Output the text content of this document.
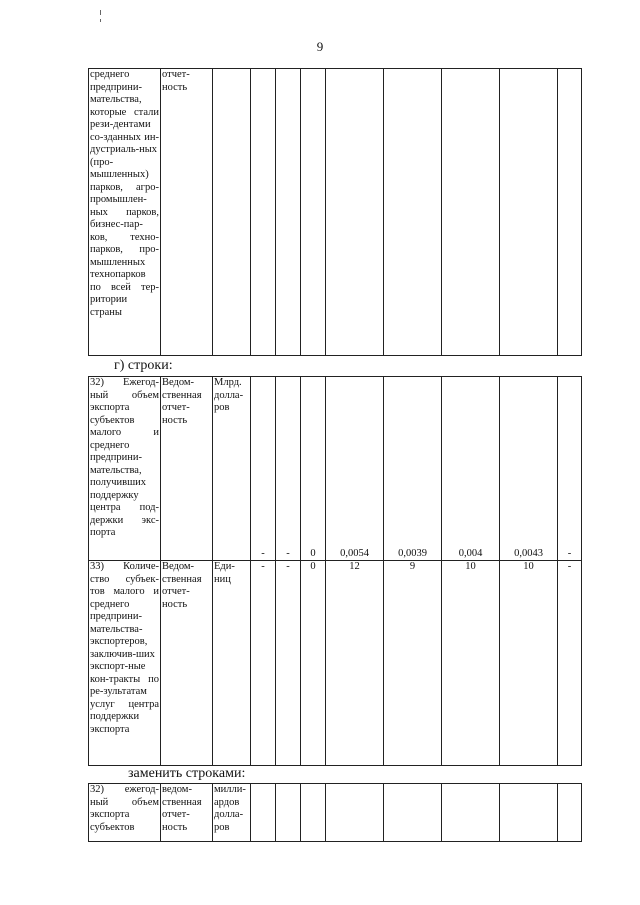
9
среднего предприни-мательства, которые стали рези-дентами со-зданных ин-дустриаль-ных (про-мышленных) парков, агро-промышлен-ных парков, бизнес-пар-ков, техно-парков, про-мышленных технопарков по всей тер-ритории страны	отчет-ность									
г) строки:
32) Ежегод-ный объем экспорта субъектов малого и среднего предприни-мательства, получивших поддержку центра под-держки экс-порта	Ведом-ственная отчет-ность	Млрд. долла-ров	-	-	0	0,0054	0,0039	0,004	0,0043	-
33) Количе-ство субъек-тов малого и среднего предприни-мательства-экспортеров, заключив-ших экспорт-ные кон-тракты по ре-зультатам услуг центра поддержки экспорта	Ведом-ственная отчет-ность	Еди-ниц	-	-	0	12	9	10	10	-
заменить строками:
32) ежегод-ный объем экспорта субъектов	ведом-ственная отчет-ность	милли-ардов долла-ров								
